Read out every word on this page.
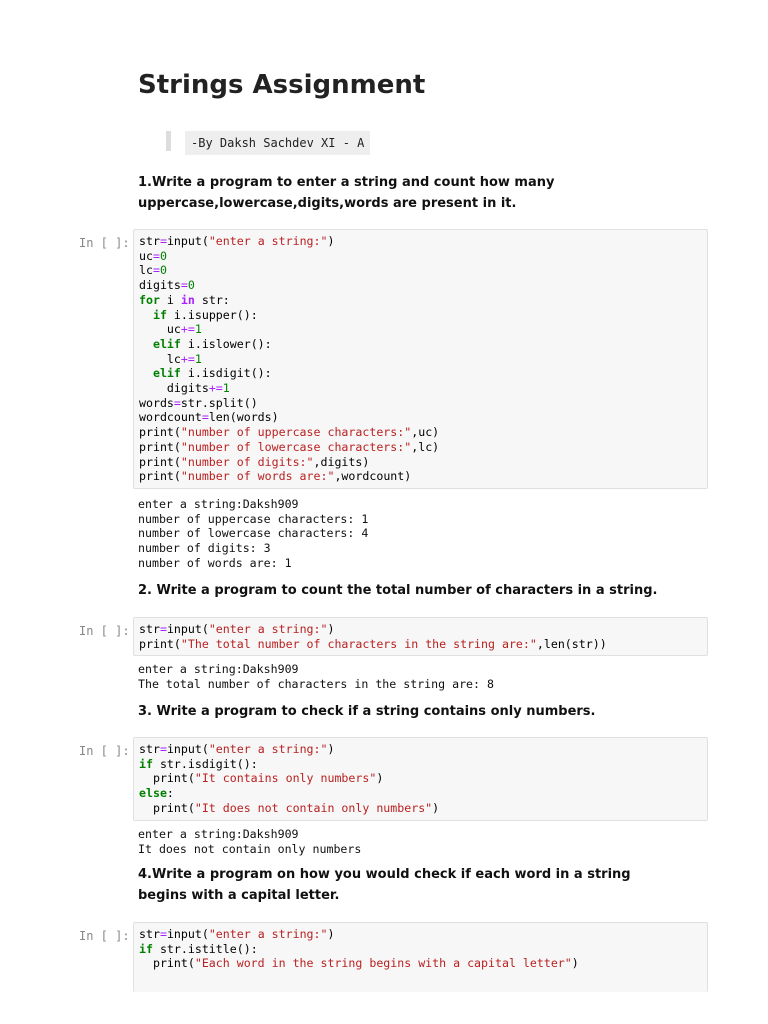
Strings Assignment
-By Daksh Sachdev XI - A

1.Write a program to enter a string and count how many uppercase,lowercase,digits,words are present in it.

In [ ]: str=input("enter a string:")
uc=0
lc=0
digits=0
for i in str:
if i.isupper():
uc+=1
elif i.islower():
lc+=1
elif i.isdigit():
digits+=1
words=str.split()
wordcount=len(words)
print("number of uppercase characters:",uc)
print("number of lowercase characters:",lc)
print("number of digits:",digits)
print("number of words are:",wordcount)
enter a string:Daksh909
number of uppercase characters: 1
number of lowercase characters: 4
number of digits: 3
number of words are: 1

2. Write a program to count the total number of characters in a string.

In [ ]: str=input("enter a string:")
print("The total number of characters in the string are:",len(str))
enter a string:Daksh909
The total number of characters in the string are: 8

3. Write a program to check if a string contains only numbers.

In [ ]: str=input("enter a string:")
if str.isdigit():
print("It contains only numbers")
else:
print("It does not contain only numbers")
enter a string:Daksh909
It does not contain only numbers

4.Write a program on how you would check if each word in a string begins with a capital letter.

In [ ]: str=input("enter a string:")
if str.istitle():
print("Each word in the string begins with a capital letter")
